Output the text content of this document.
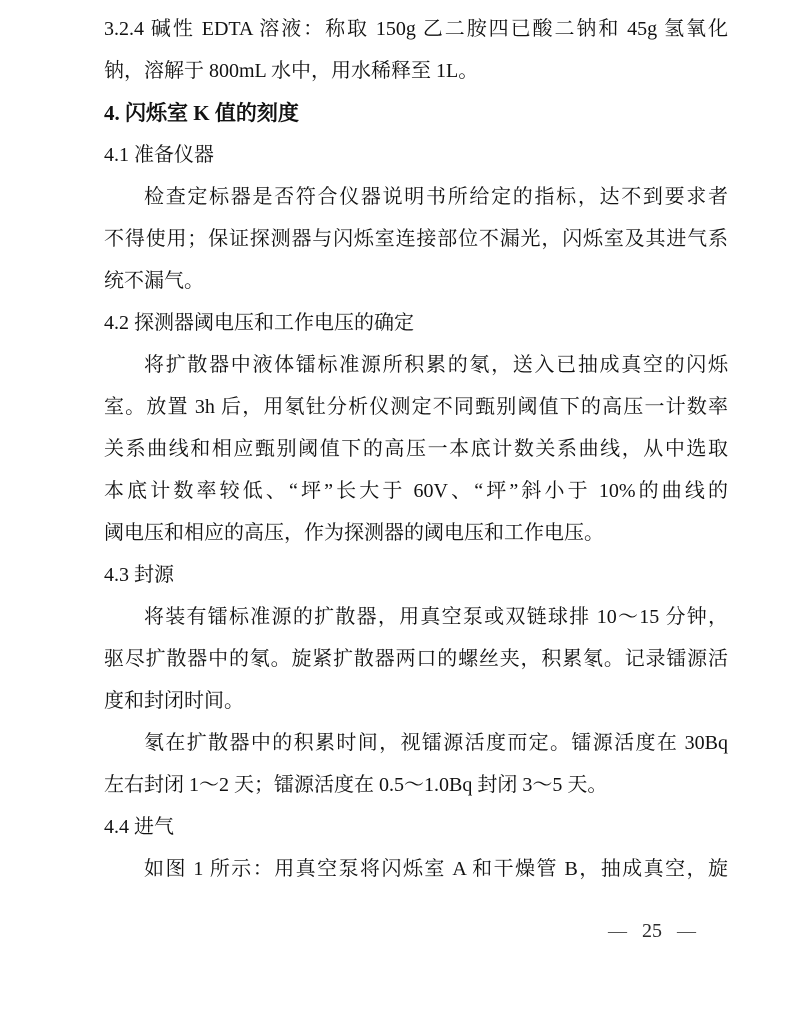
3.2.4 碱性 EDTA 溶液：称取 150g 乙二胺四已酸二钠和 45g 氢氧化
钠，溶解于 800mL 水中，用水稀释至 1L。
4. 闪烁室 K 值的刻度
4.1 准备仪器
检查定标器是否符合仪器说明书所给定的指标，达不到要求者
不得使用；保证探测器与闪烁室连接部位不漏光，闪烁室及其进气系
统不漏气。
4.2 探测器阈电压和工作电压的确定
将扩散器中液体镭标准源所积累的氡，送入已抽成真空的闪烁
室。放置 3h 后，用氡钍分析仪测定不同甄别阈值下的高压一计数率
关系曲线和相应甄别阈值下的高压一本底计数关系曲线，从中选取
本底计数率较低、“坪”长大于 60V、“坪”斜小于 10%的曲线的
阈电压和相应的高压，作为探测器的阈电压和工作电压。
4.3 封源
将装有镭标准源的扩散器，用真空泵或双链球排 10～15 分钟，
驱尽扩散器中的氡。旋紧扩散器两口的螺丝夹，积累氡。记录镭源活
度和封闭时间。
氡在扩散器中的积累时间，视镭源活度而定。镭源活度在 30Bq
左右封闭 1～2 天；镭源活度在 0.5～1.0Bq 封闭 3～5 天。
4.4 进气
如图 1 所示：用真空泵将闪烁室 A 和干燥管 B，抽成真空，旋
— 25 —
